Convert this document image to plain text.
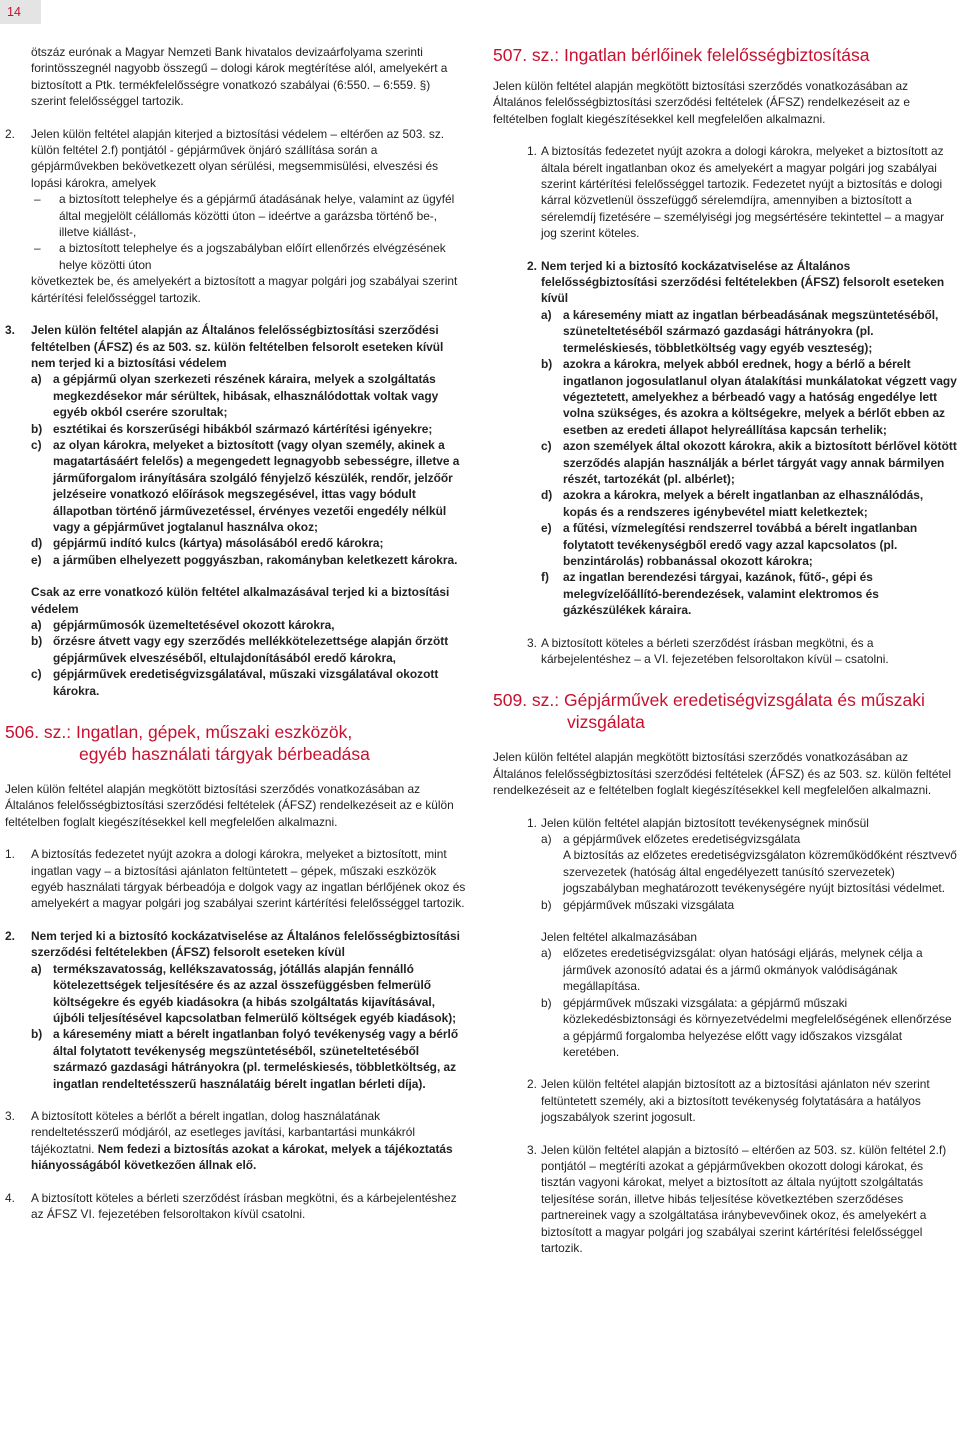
14

ötszáz eurónak a Magyar Nemzeti Bank hivatalos devizaárfolyama szerinti forintösszegnél nagyobb összegű – dologi károk megtérítése alól, amelyekért a biztosított a Ptk. termékfelelősségre vonatkozó szabályai (6:550. – 6:559. §) szerint felelősséggel tartozik.

2. Jelen külön feltétel alapján kiterjed a biztosítási védelem – eltérően az 503. sz. külön feltétel 2.f) pontjától - gépjárművek önjáró szállítása során a gépjárművekben bekövetkezett olyan sérülési, megsemmisülési, elveszési és lopási károkra, amelyek

– a biztosított telephelye és a gépjármű átadásának helye, valamint az ügyfél által megjelölt célállomás közötti úton – ideértve a garázsba történő be-, illetve kiállást-,
– a biztosított telephelye és a jogszabályban előírt ellenőrzés elvégzésének helye közötti úton

következtek be, és amelyekért a biztosított a magyar polgári jog szabályai szerint kártérítési felelősséggel tartozik.

3. Jelen külön feltétel alapján az Általános felelősségbiztosítási szerződési feltételben (ÁFSZ) és az 503. sz. külön feltételben felsorolt eseteken kívül nem terjed ki a biztosítási védelem

a) a gépjármű olyan szerkezeti részének káraira, melyek a szolgáltatás megkezdésekor már sérültek, hibásak, elhasználódottak voltak vagy egyéb okból cserére szorultak;
b) esztétikai és korszerűségi hibákból származó kártérítési igényekre;
c) az olyan károkra, melyeket a biztosított (vagy olyan személy, akinek a magatartásáért felelős) a megengedett legnagyobb sebességre, illetve a járműforgalom irányítására szolgáló fényjelző készülék, rendőr, jelzőőr jelzéseire vonatkozó előírások megszegésével, ittas vagy bódult állapotban történő járművezetéssel, érvényes vezetői engedély nélkül vagy a gépjárművet jogtalanul használva okoz;
d) gépjármű indító kulcs (kártya) másolásából eredő károkra;
e) a járműben elhelyezett poggyászban, rakományban keletkezett károkra.

Csak az erre vonatkozó külön feltétel alkalmazásával terjed ki a biztosítási védelem

a) gépjárműmosók üzemeltetésével okozott károkra,
b) őrzésre átvett vagy egy szerződés mellékkötelezettsége alapján őrzött gépjárművek elveszéséből, eltulajdonításából eredő károkra,
c) gépjárművek eredetiségvizsgálatával, műszaki vizsgálatával okozott károkra.

506. sz.: Ingatlan, gépek, műszaki eszközök,

egyéb használati tárgyak bérbeadása

Jelen külön feltétel alapján megkötött biztosítási szerződés vonatkozásában az Általános felelősségbiztosítási szerződési feltételek (ÁFSZ) rendelkezéseit az e külön feltételben foglalt kiegészítésekkel kell megfelelően alkalmazni.

1. A biztosítás fedezetet nyújt azokra a dologi károkra, melyeket a biztosított, mint ingatlan vagy – a biztosítási ajánlaton feltüntetett – gépek, műszaki eszközök egyéb használati tárgyak bérbeadója e dolgok vagy az ingatlan bérlőjének okoz és amelyekért a magyar polgári jog szabályai szerint kártérítési felelősséggel tartozik.

2. Nem terjed ki a biztosító kockázatviselése az Általános felelősségbiztosítási szerződési feltételekben (ÁFSZ) felsorolt eseteken kívül

a) termékszavatosság, kellékszavatosság, jótállás alapján fennálló kötelezettségek teljesítésére és az azzal összefüggésben felmerülő költségekre és egyéb kiadásokra (a hibás szolgáltatás kijavításával, újbóli teljesítésével kapcsolatban felmerülő költségek egyéb kiadások);
b) a káresemény miatt a bérelt ingatlanban folyó tevékenység vagy a bérlő által folytatott tevékenység megszüntetéséből, szüneteltetéséből származó gazdasági hátrányokra (pl. termeléskiesés, többletköltség, az ingatlan rendeltetésszerű használatáig bérelt ingatlan bérleti díja).
3. A biztosított köteles a bérlőt a bérelt ingatlan, dolog használatának rendeltetésszerű módjáról, az esetleges javítási, karbantartási munkákról tájékoztatni. Nem fedezi a biztosítás azokat a károkat, melyek a tájékoztatás hiányosságából következően állnak elő.

4. A biztosított köteles a bérleti szerződést írásban megkötni, és a kárbejelentéshez az ÁFSZ VI. fejezetében felsoroltakon kívül csatolni.

507. sz.: Ingatlan bérlőinek felelősségbiztosítása

Jelen külön feltétel alapján megkötött biztosítási szerződés vonatkozásában az Általános felelősségbiztosítási szerződési feltételek (ÁFSZ) rendelkezéseit az e feltételben foglalt kiegészítésekkel kell megfelelően alkalmazni.

1. A biztosítás fedezetet nyújt azokra a dologi károkra, melyeket a biztosított az általa bérelt ingatlanban okoz és amelyekért a magyar polgári jog szabályai szerint kártérítési felelősséggel tartozik. Fedezetet nyújt a biztosítás e dologi kárral közvetlenül összefüggő sérelemdíjra, amennyiben a biztosított a sérelemdíj fizetésére – személyiségi jog megsértésére tekintettel – a magyar jog szerint köteles.

2. Nem terjed ki a biztosító kockázatviselése az Általános felelősségbiztosítási szerződési feltételekben (ÁFSZ) felsorolt eseteken kívül

a) a káresemény miatt az ingatlan bérbeadásának megszüntetéséből, szüneteltetéséből származó gazdasági hátrányokra (pl. termeléskiesés, többletköltség vagy egyéb veszteség);
b) azokra a károkra, melyek abból erednek, hogy a bérlő a bérelt ingatlanon jogosulatlanul olyan átalakítási munkálatokat végzett vagy végeztetett, amelyekhez a bérbeadó vagy a hatóság engedélye lett volna szükséges, és azokra a költségekre, melyek a bérlőt ebben az esetben az eredeti állapot helyreállítása kapcsán terhelik;
c) azon személyek által okozott károkra, akik a biztosított bérlővel kötött szerződés alapján használják a bérlet tárgyát vagy annak bármilyen részét, tartozékát (pl. albérlet);
d) azokra a károkra, melyek a bérelt ingatlanban az elhasználódás, kopás és a rendszeres igénybevétel miatt keletkeztek;
e) a fűtési, vízmelegítési rendszerrel továbbá a bérelt ingatlanban folytatott tevékenységből eredő vagy azzal kapcsolatos (pl. benzintárolás) robbanással okozott károkra;
f) az ingatlan berendezési tárgyai, kazánok, fűtő-, gépi és melegvízelőállító-berendezések, valamint elektromos és gázkészülékek káraira.
3. A biztosított köteles a bérleti szerződést írásban megkötni, és a kárbejelentéshez – a VI. fejezetében felsoroltakon kívül – csatolni.

509. sz.: Gépjárművek eredetiségvizsgálata és műszaki

vizsgálata

Jelen külön feltétel alapján megkötött biztosítási szerződés vonatkozásában az Általános felelősségbiztosítási szerződési feltételek (ÁFSZ) és az 503. sz. külön feltétel rendelkezéseit az e feltételben foglalt kiegészítésekkel kell megfelelően alkalmazni.

1. Jelen külön feltétel alapján biztosított tevékenységnek minősül

a) a gépjárművek előzetes eredetiségvizsgálata

A biztosítás az előzetes eredetiségvizsgálaton közreműködőként résztvevő szervezetek (hatóság által engedélyezett tanúsító szervezetek) jogszabályban meghatározott tevékenységére nyújt biztosítási védelmet.

b) gépjárművek műszaki vizsgálata

Jelen feltétel alkalmazásában

a) előzetes eredetiségvizsgálat: olyan hatósági eljárás, melynek célja a járművek azonosító adatai és a jármű okmányok valódiságának megállapítása.
b) gépjárművek műszaki vizsgálata: a gépjármű műszaki közlekedésbiztonsági és környezetvédelmi megfelelőségének ellenőrzése a gépjármű forgalomba helyezése előtt vagy időszakos vizsgálat keretében.
2. Jelen külön feltétel alapján biztosított az a biztosítási ajánlaton név szerint feltüntetett személy, aki a biztosított tevékenység folytatására a hatályos jogszabályok szerint jogosult.

3. Jelen külön feltétel alapján a biztosító – eltérően az 503. sz. külön feltétel 2.f) pontjától – megtéríti azokat a gépjárművekben okozott dologi károkat, és tisztán vagyoni károkat, melyet a biztosított az általa nyújtott szolgáltatás teljesítése során, illetve hibás teljesítése következtében szerződéses partnereinek vagy a szolgáltatása iránybevevőinek okoz, és amelyekért a biztosított a magyar polgári jog szabályai szerint kártérítési felelősséggel tartozik.
